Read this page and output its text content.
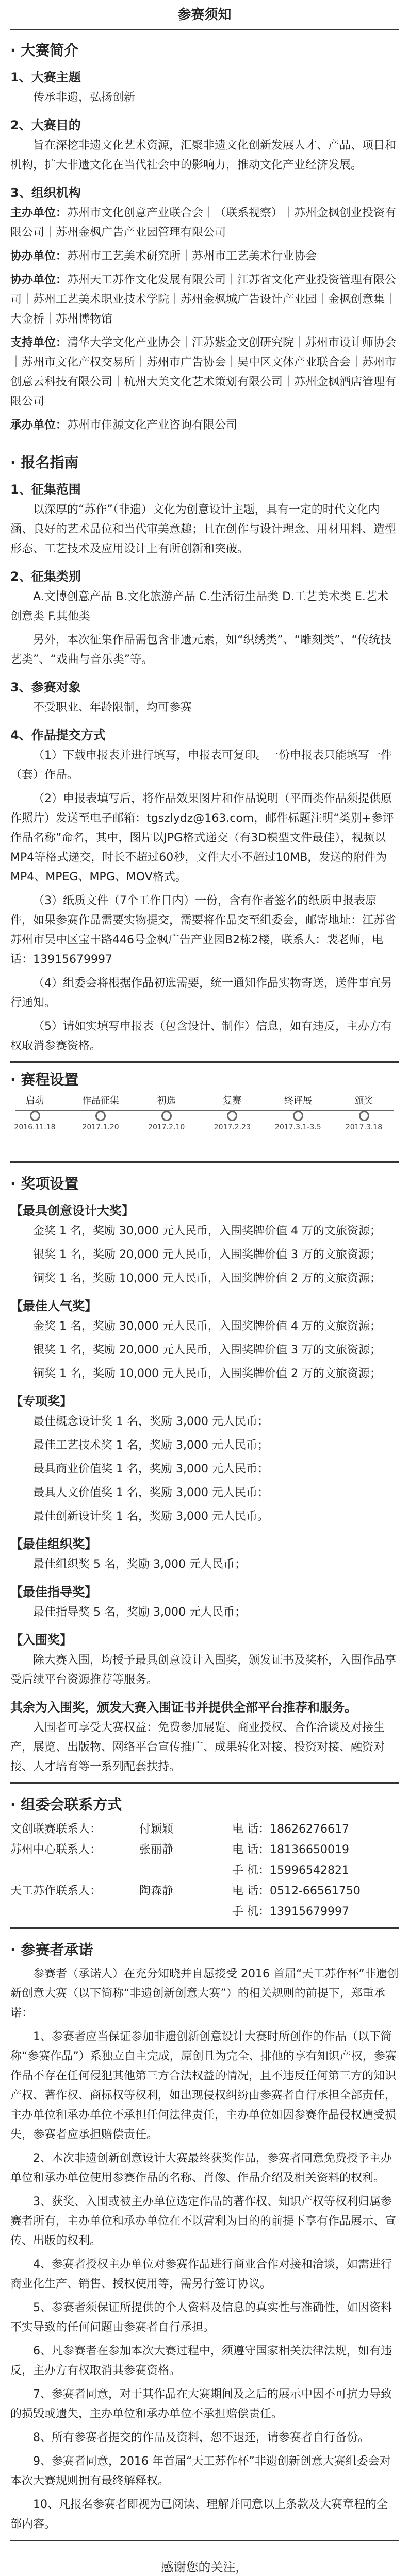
参赛须知
· 大赛简介
1、大赛主题
传承非遗，弘扬创新
2、大赛目的
旨在深挖非遗文化艺术资源，汇聚非遗文化创新发展人才、产品、项目和机构，扩大非遗文化在当代社会中的影响力，推动文化产业经济发展。
3、组织机构
主办单位：苏州市文化创意产业联合会｜（联系视察）｜苏州金枫创业投资有限公司｜苏州金枫广告产业园管理有限公司
协办单位：苏州市工艺美术研究所｜苏州市工艺美术行业协会
协办单位：苏州天工苏作文化发展有限公司｜江苏省文化产业投资管理有限公司｜苏州工艺美术职业技术学院｜苏州金枫城广告设计产业园｜金枫创意集｜大金桥｜苏州博物馆
支持单位：清华大学文化产业协会｜江苏紫金文创研究院｜苏州市设计师协会｜苏州市文化产权交易所｜苏州市广告协会｜吴中区文体产业联合会｜苏州市创意云科技有限公司｜杭州大美文化艺术策划有限公司｜苏州金枫酒店管理有限公司
承办单位：苏州市佳源文化产业咨询有限公司
· 报名指南
1、征集范围
以深厚的“苏作”（非遗）文化为创意设计主题，具有一定的时代文化内涵、良好的艺术品位和当代审美意趣；且在创作与设计理念、用材用料、造型形态、工艺技术及应用设计上有所创新和突破。
2、征集类别
A.文博创意产品 B.文化旅游产品 C.生活衍生品类 D.工艺美术类 E.艺术创意类 F.其他类
另外，本次征集作品需包含非遗元素，如“织绣类”、“雕刻类”、“传统技艺类”、“戏曲与音乐类”等。
3、参赛对象
不受职业、年龄限制，均可参赛
4、作品提交方式
（1）下载申报表并进行填写，申报表可复印。一份申报表只能填写一件（套）作品。
（2）申报表填写后，将作品效果图片和作品说明（平面类作品须提供原作照片）发送至电子邮箱：tgszlydz@163.com，邮件标题注明“类别+参评作品名称”命名，其中，图片以JPG格式递交（有3D模型文件最佳），视频以MP4等格式递交，时长不超过60秒，文件大小不超过10MB，发送的附件为MP4、MPEG、MPG、MOV格式。
（3）纸质文件（7个工作日内）一份，含有作者签名的纸质申报表原件，如果参赛作品需要实物提交，需要将作品交至组委会，邮寄地址：江苏省苏州市吴中区宝丰路446号金枫广告产业园B2栋2楼，联系人：裴老师，电话：13915679997
（4）组委会将根据作品初选需要，统一通知作品实物寄送，送件事宜另行通知。
（5）请如实填写申报表（包含设计、制作）信息，如有违反，主办方有权取消参赛资格。
· 赛程设置
启动
2016.11.18
作品征集
2017.1.20
初选
2017.2.10
复赛
2017.2.23
终评展
2017.3.1-3.5
颁奖
2017.3.18
· 奖项设置
【最具创意设计大奖】
金奖 1 名，奖励 30,000 元人民币，入围奖牌价值 4 万的文旅资源；
银奖 1 名，奖励 20,000 元人民币，入围奖牌价值 3 万的文旅资源；
铜奖 1 名，奖励 10,000 元人民币，入围奖牌价值 2 万的文旅资源；
【最佳人气奖】
金奖 1 名，奖励 30,000 元人民币，入围奖牌价值 4 万的文旅资源；
银奖 1 名，奖励 20,000 元人民币，入围奖牌价值 3 万的文旅资源；
铜奖 1 名，奖励 10,000 元人民币，入围奖牌价值 2 万的文旅资源；
【专项奖】
最佳概念设计奖 1 名，奖励 3,000 元人民币；
最佳工艺技术奖 1 名，奖励 3,000 元人民币；
最具商业价值奖 1 名，奖励 3,000 元人民币；
最具人文价值奖 1 名，奖励 3,000 元人民币；
最佳创新设计奖 1 名，奖励 3,000 元人民币。
【最佳组织奖】
最佳组织奖 5 名，奖励 3,000 元人民币；
【最佳指导奖】
最佳指导奖 5 名，奖励 3,000 元人民币；
【入围奖】
除大赛入围，均授予最具创意设计入围奖，颁发证书及奖杯，入围作品享受后续平台资源推荐等服务。
其余为入围奖，颁发大赛入围证书并提供全部平台推荐和服务。
入围者可享受大赛权益：免费参加展览、商业授权、合作洽谈及对接生产，展览、出版物、网络平台宣传推广、成果转化对接、投资对接、融资对接、人才培育等一系列配套扶持。
· 组委会联系方式
文创联赛联系人：	付颖颖	电 话：18626276617
苏州中心联系人：	张丽静	电 话：18136650019
手 机：15996542821
天工苏作联系人：	陶森静	电 话：0512-66561750
手 机：13915679997
· 参赛者承诺
参赛者（承诺人）在充分知晓并自愿接受 2016 首届“天工苏作杯”非遗创新创意大赛（以下简称“非遗创新创意大赛”）的相关规则的前提下，郑重承诺：
1、参赛者应当保证参加非遗创新创意设计大赛时所创作的作品（以下简称“参赛作品”）系独立自主完成，原创且为完全、排他的享有知识产权，参赛作品不存在任何侵犯其他第三方合法权益的情况，且不违反任何第三方的知识产权、著作权、商标权等权利，如出现侵权纠纷由参赛者自行承担全部责任，主办单位和承办单位不承担任何法律责任，主办单位如因参赛作品侵权遭受损失，参赛者应承担赔偿责任。
2、本次非遗创新创意设计大赛最终获奖作品，参赛者同意免费授予主办单位和承办单位使用参赛作品的名称、肖像、作品介绍及相关资料的权利。
3、获奖、入围或被主办单位选定作品的著作权、知识产权等权利归属参赛者所有，主办单位和承办单位在不以营利为目的的前提下享有作品展示、宣传、出版的权利。
4、参赛者授权主办单位对参赛作品进行商业合作对接和洽谈，如需进行商业化生产、销售、授权使用等，需另行签订协议。
5、参赛者须保证所提供的个人资料及信息的真实性与准确性，如因资料不实导致的任何问题由参赛者自行承担。
6、凡参赛者在参加本次大赛过程中，须遵守国家相关法律法规，如有违反，主办方有权取消其参赛资格。
7、参赛者同意，对于其作品在大赛期间及之后的展示中因不可抗力导致的损毁或遗失，主办单位和承办单位不承担赔偿责任。
8、所有参赛者提交的作品及资料，恕不退还，请参赛者自行备份。
9、参赛者同意，2016 年首届“天工苏作杯”非遗创新创意大赛组委会对本次大赛规则拥有最终解释权。
10、凡报名参赛者即视为已阅读、理解并同意以上条款及大赛章程的全部内容。
感谢您的关注，
